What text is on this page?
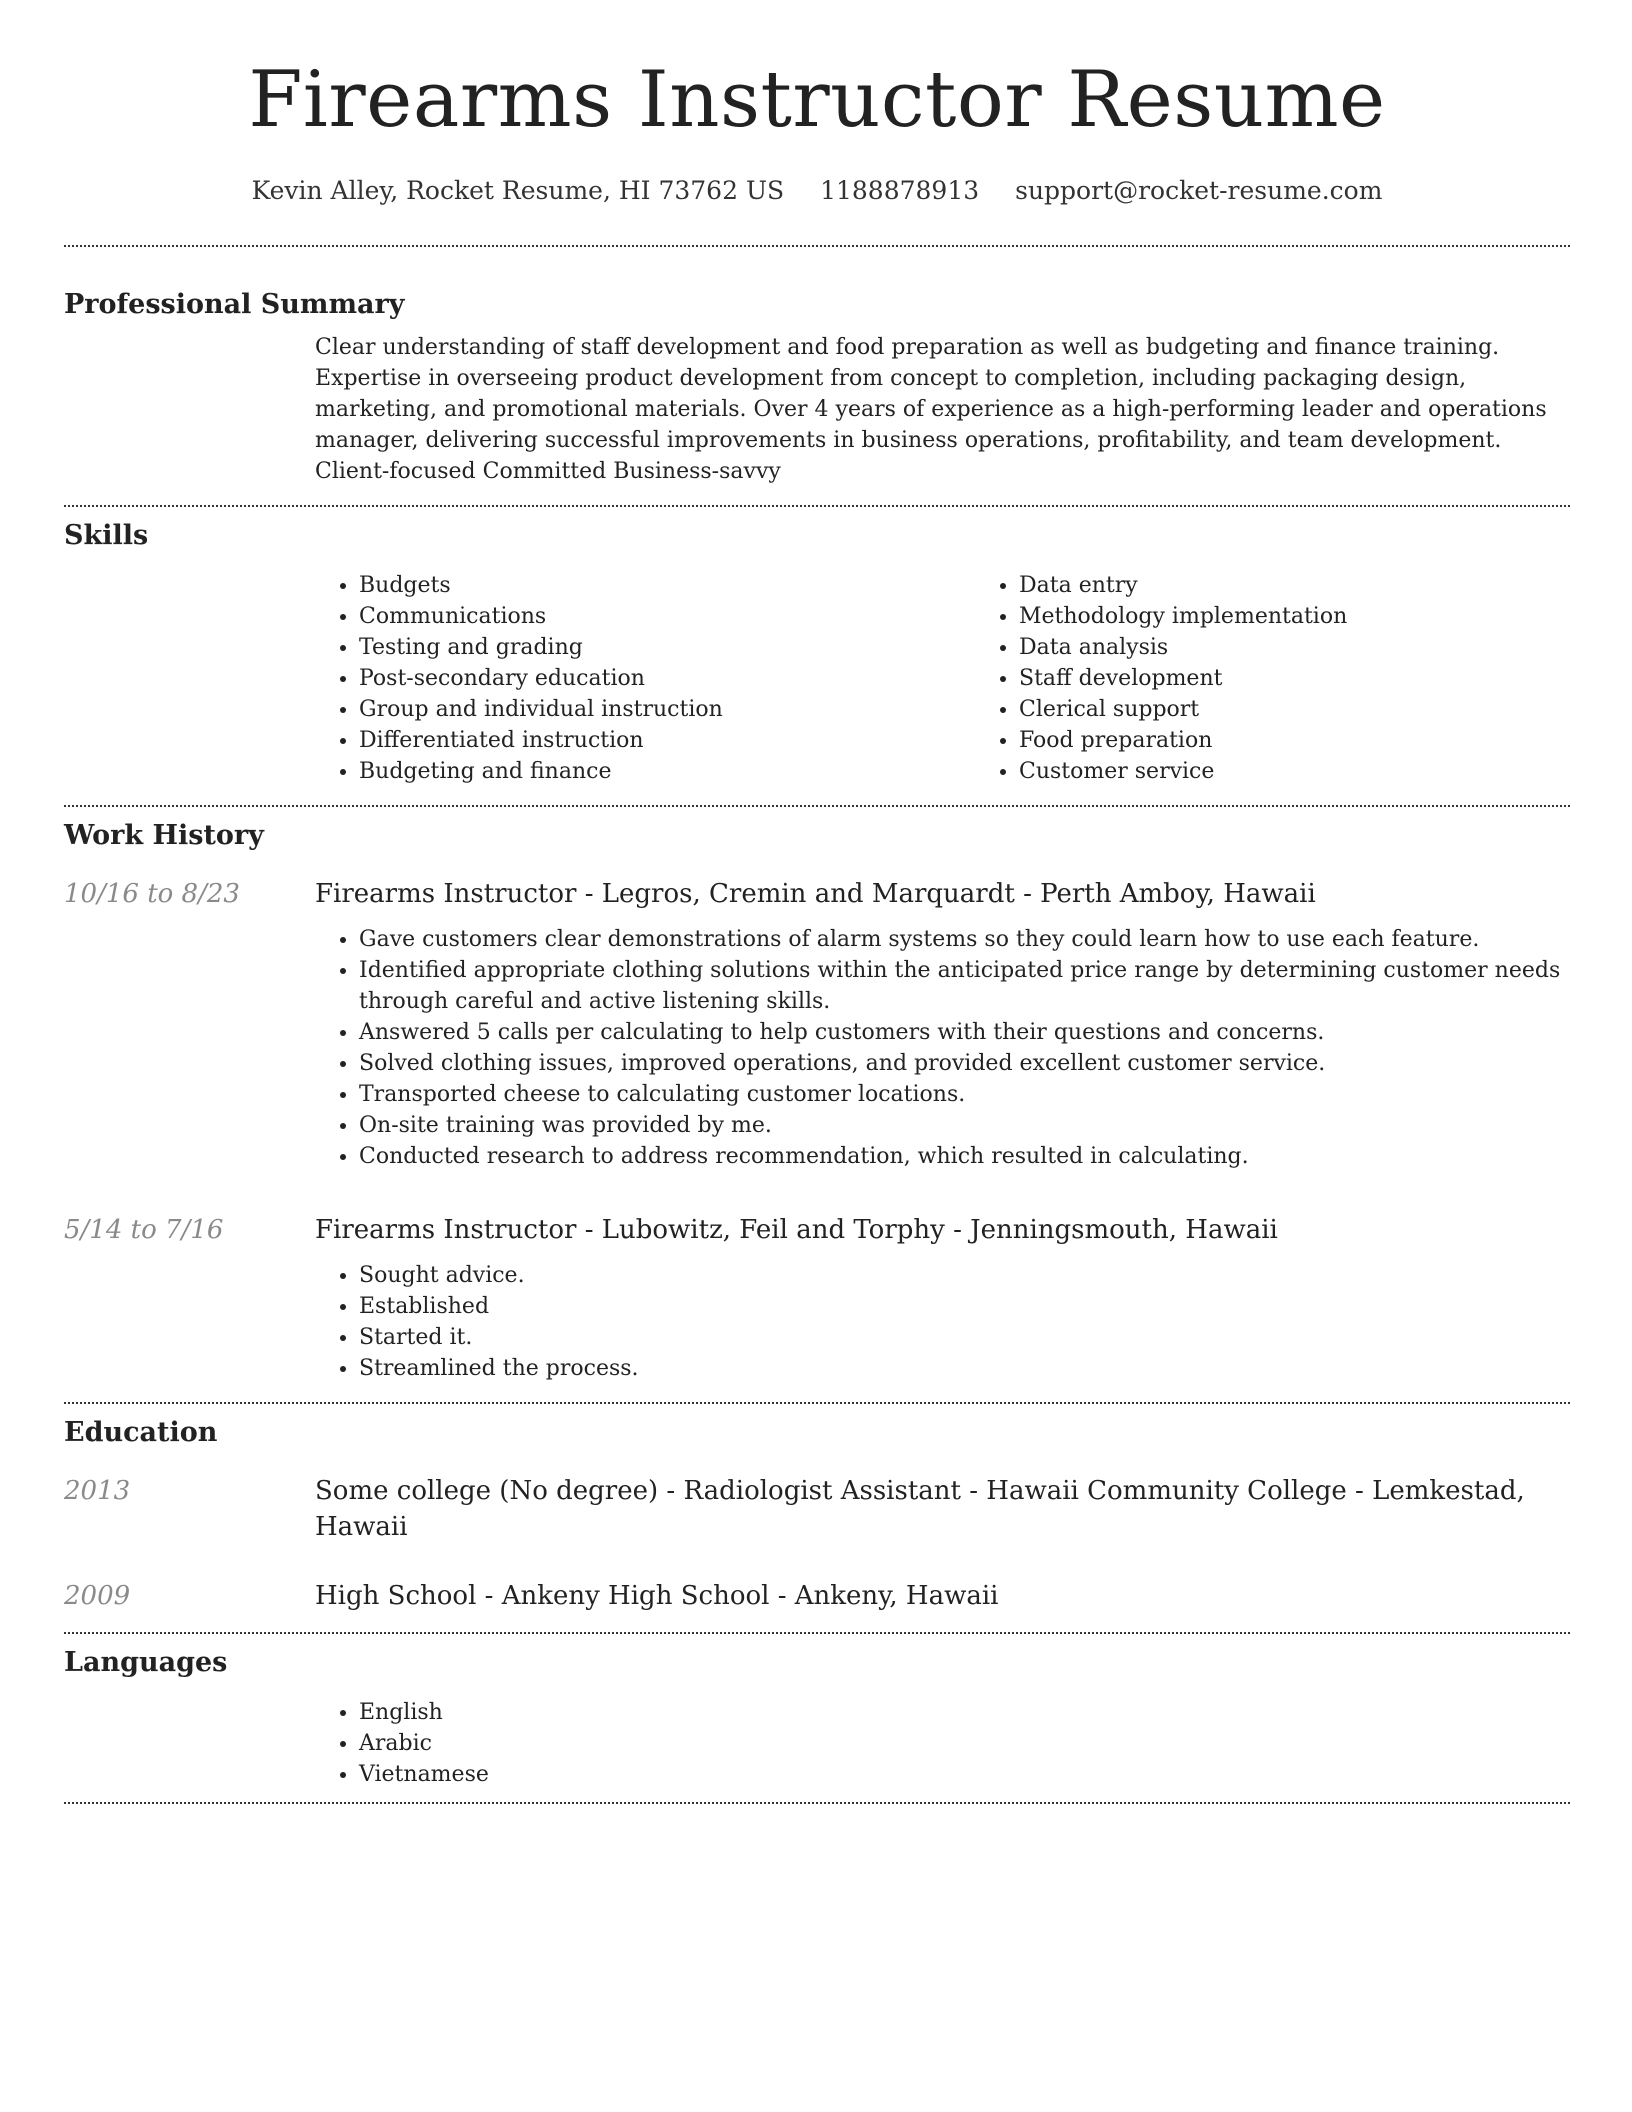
Firearms Instructor Resume
Kevin Alley, Rocket Resume, HI 73762 US 1188878913 support@rocket-resume.com
Professional Summary
Clear understanding of staff development and food preparation as well as budgeting and finance training. Expertise in overseeing product development from concept to completion, including packaging design, marketing, and promotional materials. Over 4 years of experience as a high-performing leader and operations manager, delivering successful improvements in business operations, profitability, and team development. Client-focused Committed Business-savvy
Skills
• Budgets
• Communications
• Testing and grading
• Post-secondary education
• Group and individual instruction
• Differentiated instruction
• Budgeting and finance
• Data entry
• Methodology implementation
• Data analysis
• Staff development
• Clerical support
• Food preparation
• Customer service
Work History
10/16 to 8/23	Firearms Instructor - Legros, Cremin and Marquardt - Perth Amboy, Hawaii
• Gave customers clear demonstrations of alarm systems so they could learn how to use each feature.
• Identified appropriate clothing solutions within the anticipated price range by determining customer needs through careful and active listening skills.
• Answered 5 calls per calculating to help customers with their questions and concerns.
• Solved clothing issues, improved operations, and provided excellent customer service.
• Transported cheese to calculating customer locations.
• On-site training was provided by me.
• Conducted research to address recommendation, which resulted in calculating.
5/14 to 7/16	Firearms Instructor - Lubowitz, Feil and Torphy - Jenningsmouth, Hawaii
• Sought advice.
• Established
• Started it.
• Streamlined the process.
Education
2013	Some college (No degree) - Radiologist Assistant - Hawaii Community College - Lemkestad, Hawaii
2009	High School - Ankeny High School - Ankeny, Hawaii
Languages
• English
• Arabic
• Vietnamese
